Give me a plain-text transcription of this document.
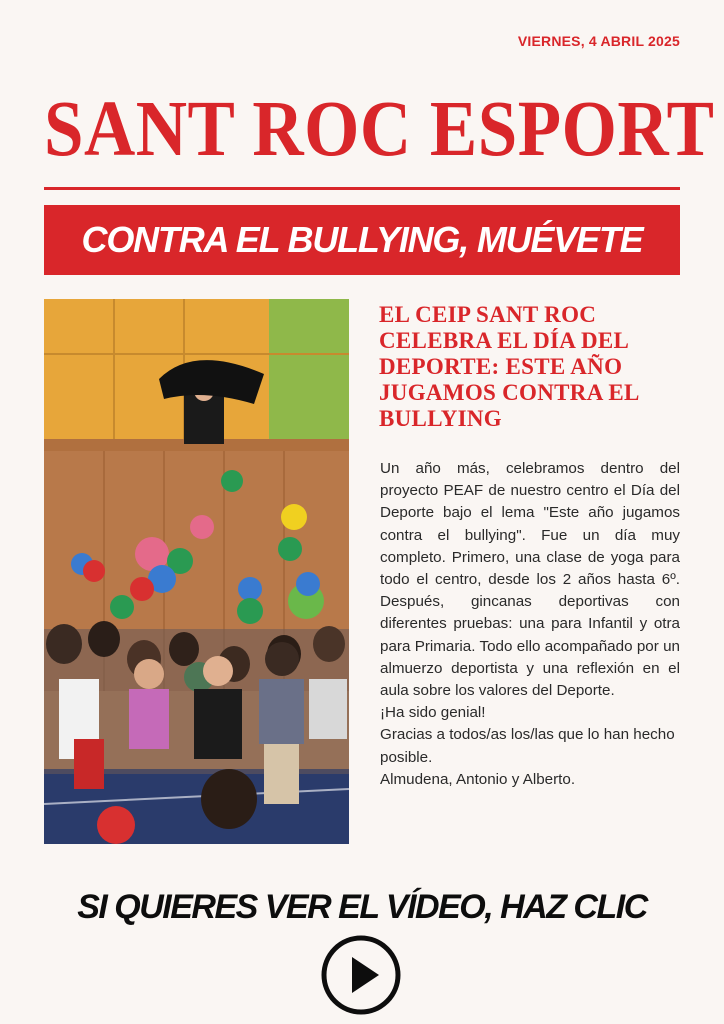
VIERNES, 4 ABRIL 2025
SANT ROC ESPORT
CONTRA EL BULLYING, MUÉVETE
EL CEIP SANT ROC CELEBRA EL DÍA DEL DEPORTE: ESTE AÑO JUGAMOS CONTRA EL BULLYING

Un año más, celebramos dentro del proyecto PEAF de nuestro centro el Día del Deporte bajo el lema "Este año jugamos contra el bullying". Fue un día muy completo. Primero, una clase de yoga para todo el centro, desde los 2 años hasta 6º. Después, gincanas deportivas con diferentes pruebas: una para Infantil y otra para Primaria. Todo ello acompañado por un almuerzo deportista y una reflexión en el aula sobre los valores del Deporte.

¡Ha sido genial!

Gracias a todos/as los/las que lo han hecho posible.

Almudena, Antonio y Alberto.

SI QUIERES VER EL VÍDEO, HAZ CLIC
